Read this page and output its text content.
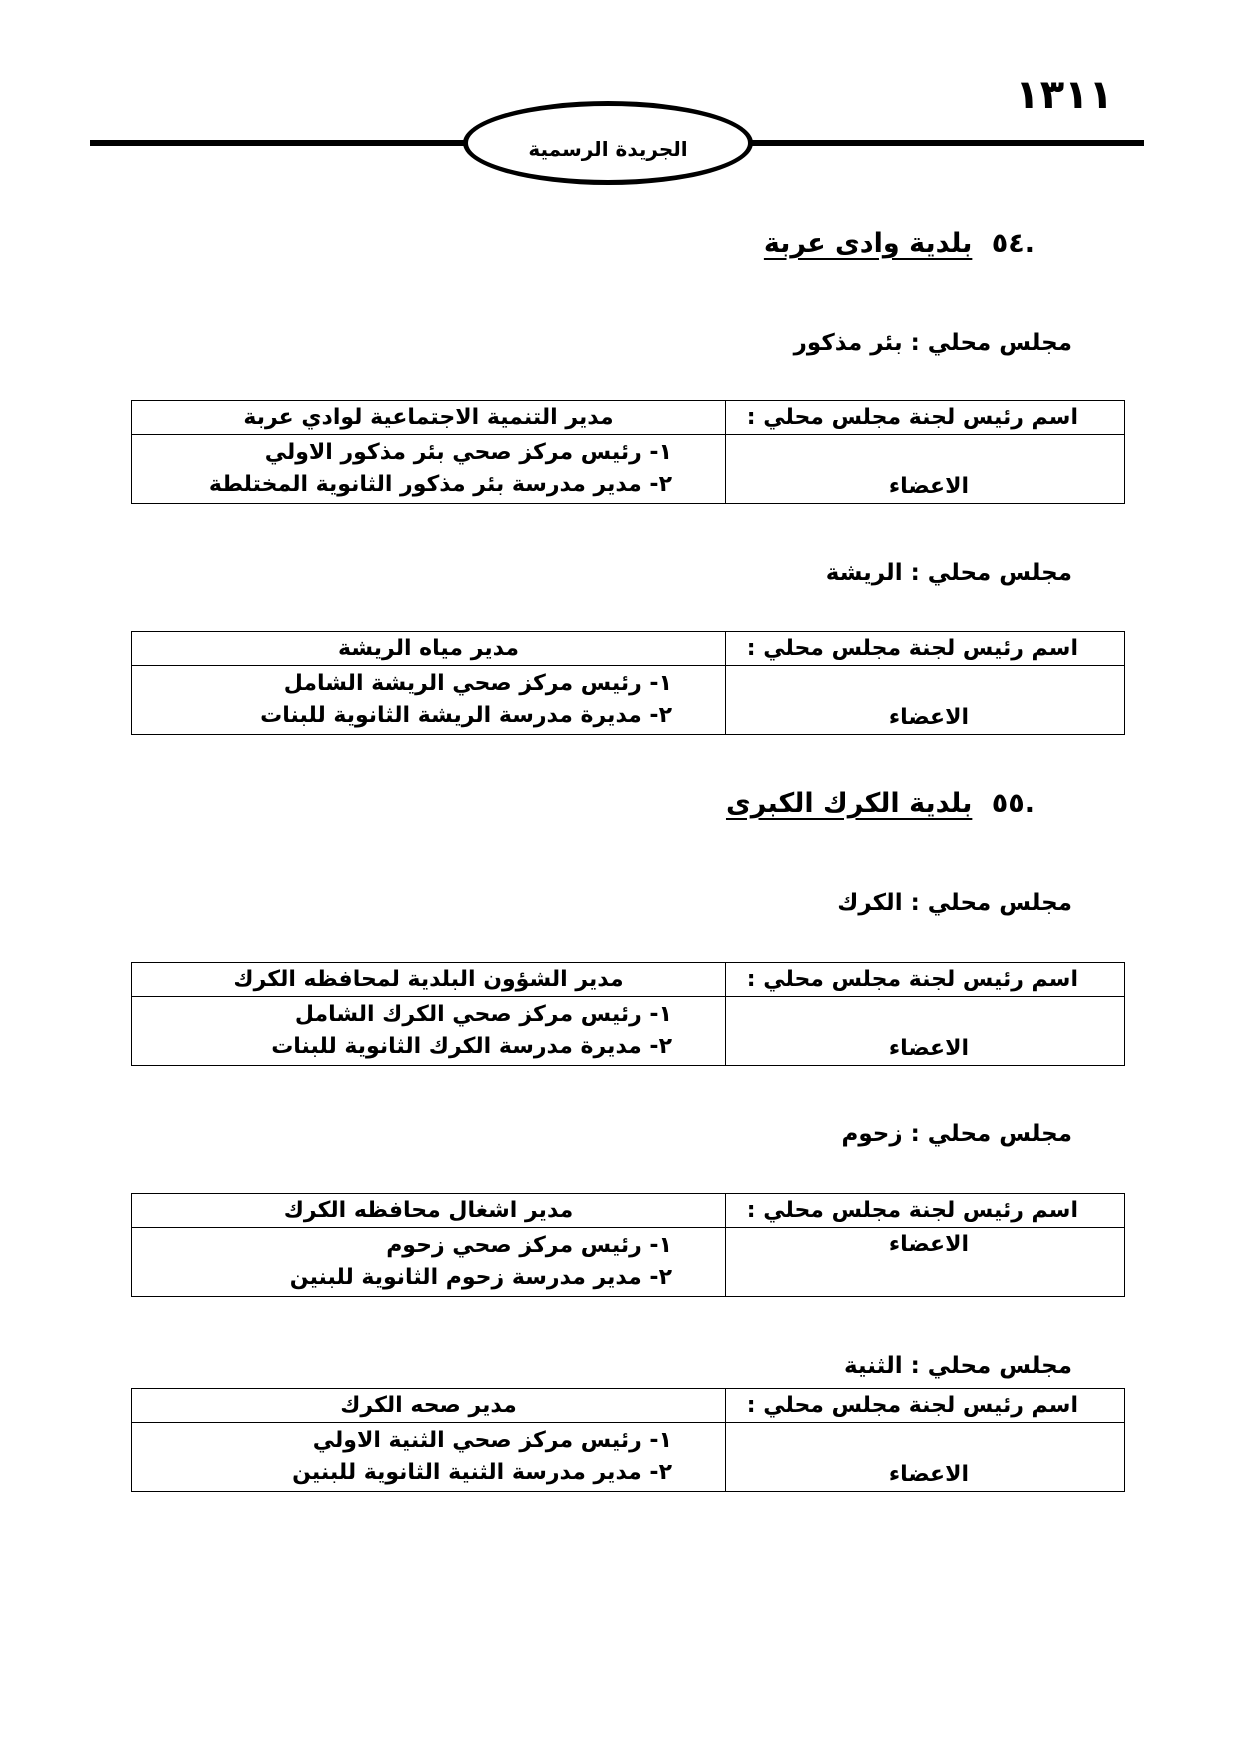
١٣١١
الجريدة الرسمية
.٥٤ بلدية وادى عربة
مجلس محلي : بئر مذكور
اسم رئيس لجنة مجلس محلي :	مدير التنمية الاجتماعية لوادي عربة

الاعضاء	١- رئيس مركز صحي بئر مذكور الاولي
٢- مدير مدرسة بئر مذكور الثانوية المختلطة
مجلس محلي : الريشة
اسم رئيس لجنة مجلس محلي :	مدير مياه الريشة

الاعضاء	١- رئيس مركز صحي الريشة الشامل
٢- مديرة مدرسة الريشة الثانوية للبنات
.٥٥ بلدية الكرك الكبرى
مجلس محلي : الكرك
اسم رئيس لجنة مجلس محلي :	مدير الشؤون البلدية لمحافظه الكرك

الاعضاء	١- رئيس مركز صحي الكرك الشامل
٢- مديرة مدرسة الكرك الثانوية للبنات
مجلس محلي : زحوم
اسم رئيس لجنة مجلس محلي :	مدير اشغال محافظه الكرك

الاعضاء	١- رئيس مركز صحي زحوم
٢- مدير مدرسة زحوم الثانوية للبنين
مجلس محلي : الثنية
اسم رئيس لجنة مجلس محلي :	مدير صحه الكرك

الاعضاء	١- رئيس مركز صحي الثنية الاولي
٢- مدير مدرسة الثنية الثانوية للبنين
